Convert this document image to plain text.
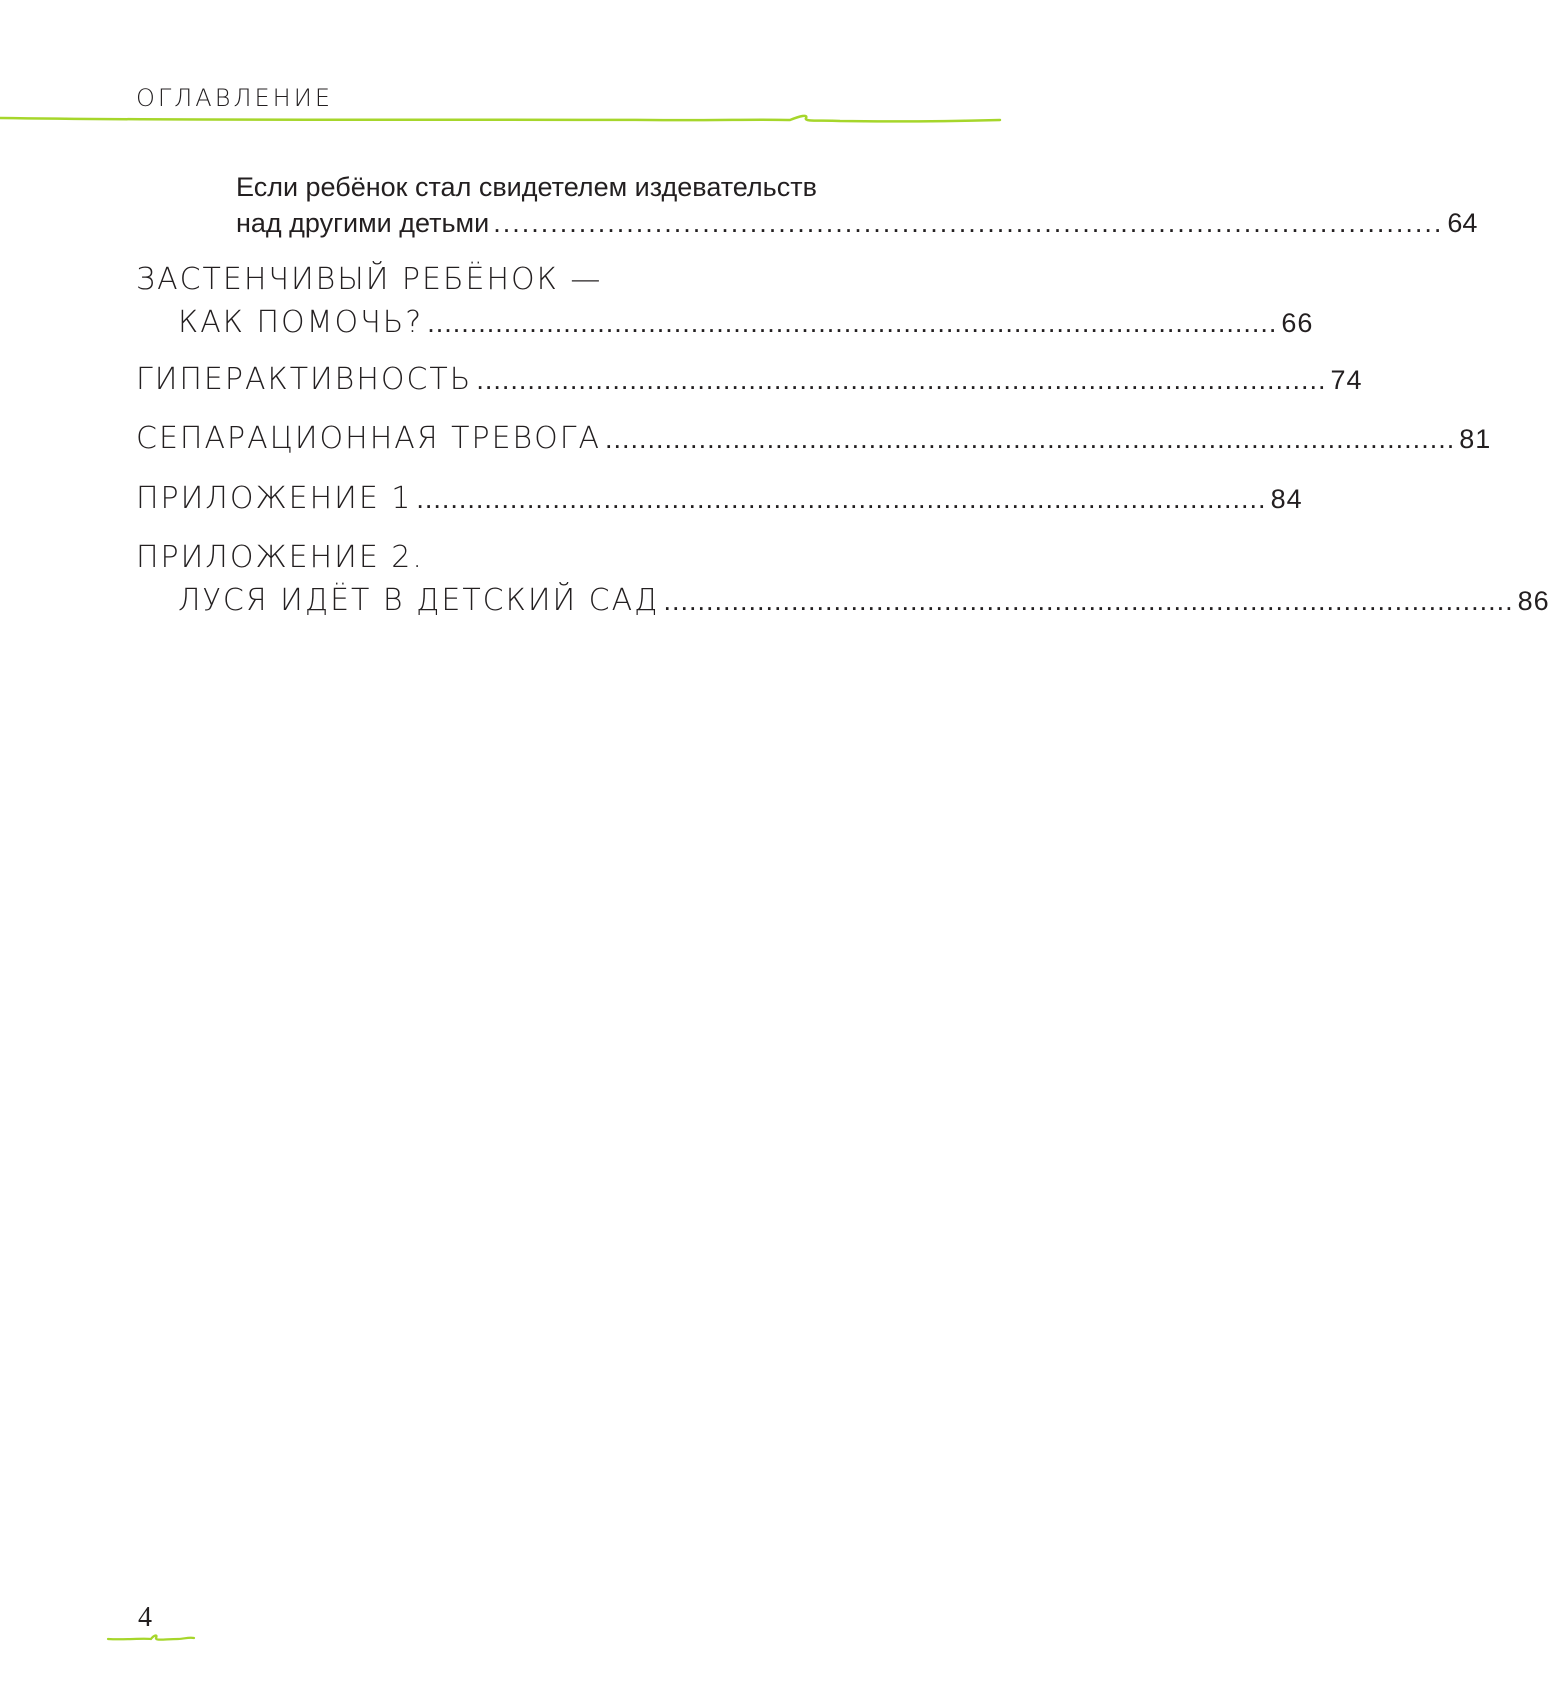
ОГЛАВЛЕНИЕ
Если ребёнок стал свидетелем издевательств
над другими детьми .................................................................................................... 64
ЗАСТЕНЧИВЫЙ РЕБЁНОК —
КАК ПОМОЧЬ? .................................................................................................... 66
ГИПЕРАКТИВНОСТЬ .................................................................................................... 74
СЕПАРАЦИОННАЯ ТРЕВОГА .................................................................................................... 81
ПРИЛОЖЕНИЕ 1 .................................................................................................... 84
ПРИЛОЖЕНИЕ 2.
ЛУСЯ ИДЁТ В ДЕТСКИЙ САД .................................................................................................... 86
4
